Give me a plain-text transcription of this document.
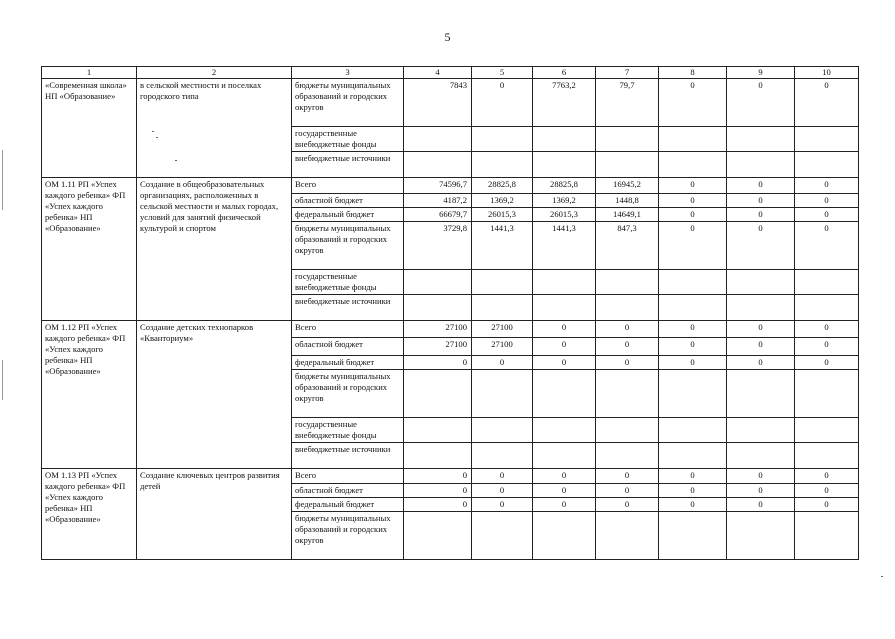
5
1	2	3	4	5	6	7	8	9	10
«Современная школа» НП «Образование»	в сельской местности и поселках городского типа	бюджеты муниципальных образований и городских округов	7843	0	7763,2	79,7	0	0	0
		государственные внебюджетные фонды							
		внебюджетные источники							
ОМ 1.11 РП «Успех каждого ребенка» ФП «Успех каждого ребенка» НП «Образование»	Создание в общеобразовательных организациях, расположенных в сельской местности и малых городах, условий для занятий физической культурой и спортом	Всего	74596,7	28825,8	28825,8	16945,2	0	0	0
		областной бюджет	4187,2	1369,2	1369,2	1448,8	0	0	0
		федеральный бюджет	66679,7	26015,3	26015,3	14649,1	0	0	0
		бюджеты муниципальных образований и городских округов	3729,8	1441,3	1441,3	847,3	0	0	0
		государственные внебюджетные фонды							
		внебюджетные источники							
ОМ 1.12 РП «Успех каждого ребенка» ФП «Успех каждого ребенка» НП «Образование»	Создание детских технопарков «Кванториум»	Всего	27100	27100	0	0	0	0	0
		областной бюджет	27100	27100	0	0	0	0	0
		федеральный бюджет	0	0	0	0	0	0	0
		бюджеты муниципальных образований и городских округов							
		государственные внебюджетные фонды							
		внебюджетные источники							
ОМ 1.13 РП «Успех каждого ребенка» ФП «Успех каждого ребенка» НП «Образование»	Создание ключевых центров развития детей	Всего	0	0	0	0	0	0	0
		областной бюджет	0	0	0	0	0	0	0
		федеральный бюджет	0	0	0	0	0	0	0
		бюджеты муниципальных образований и городских округов							
